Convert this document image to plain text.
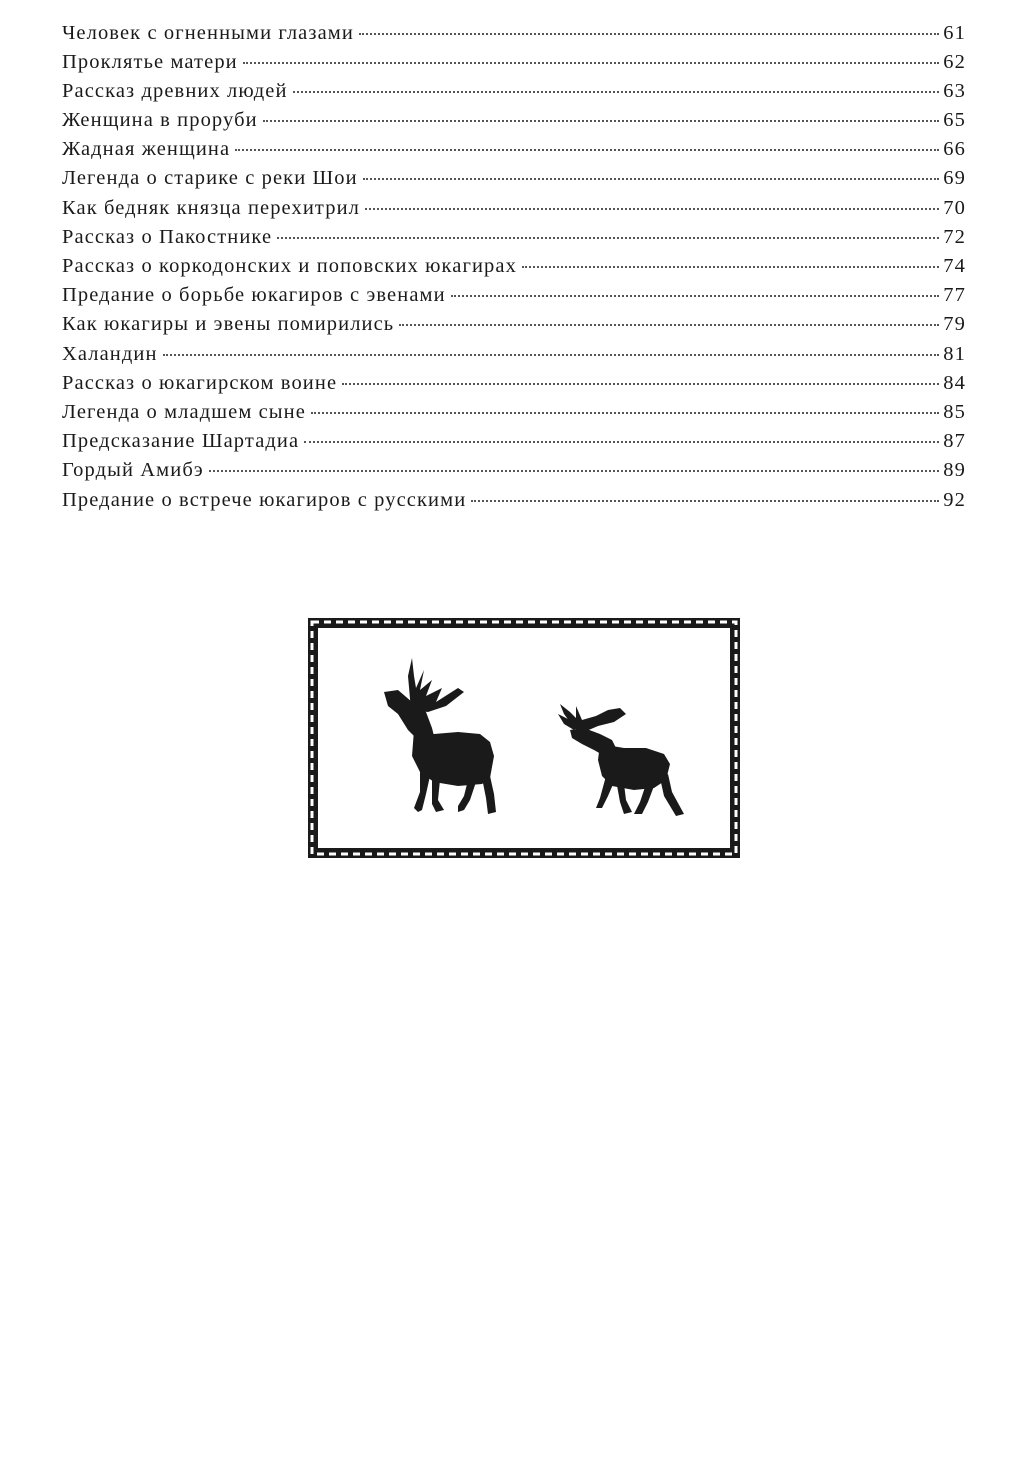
Человек с огненными глазами	61
Проклятье матери	62
Рассказ древних людей	63
Женщина в проруби	65
Жадная женщина	66
Легенда о старике с реки Шои	69
Как бедняк князца перехитрил	70
Рассказ о Пакостнике	72
Рассказ о коркодонских и поповских юкагирах	74
Предание о борьбе юкагиров с эвенами	77
Как юкагиры и эвены помирились	79
Халандин	81
Рассказ о юкагирском воине	84
Легенда о младшем сыне	85
Предсказание Шартадиа	87
Гордый Амибэ	89
Предание о встрече юкагиров с русскими	92
